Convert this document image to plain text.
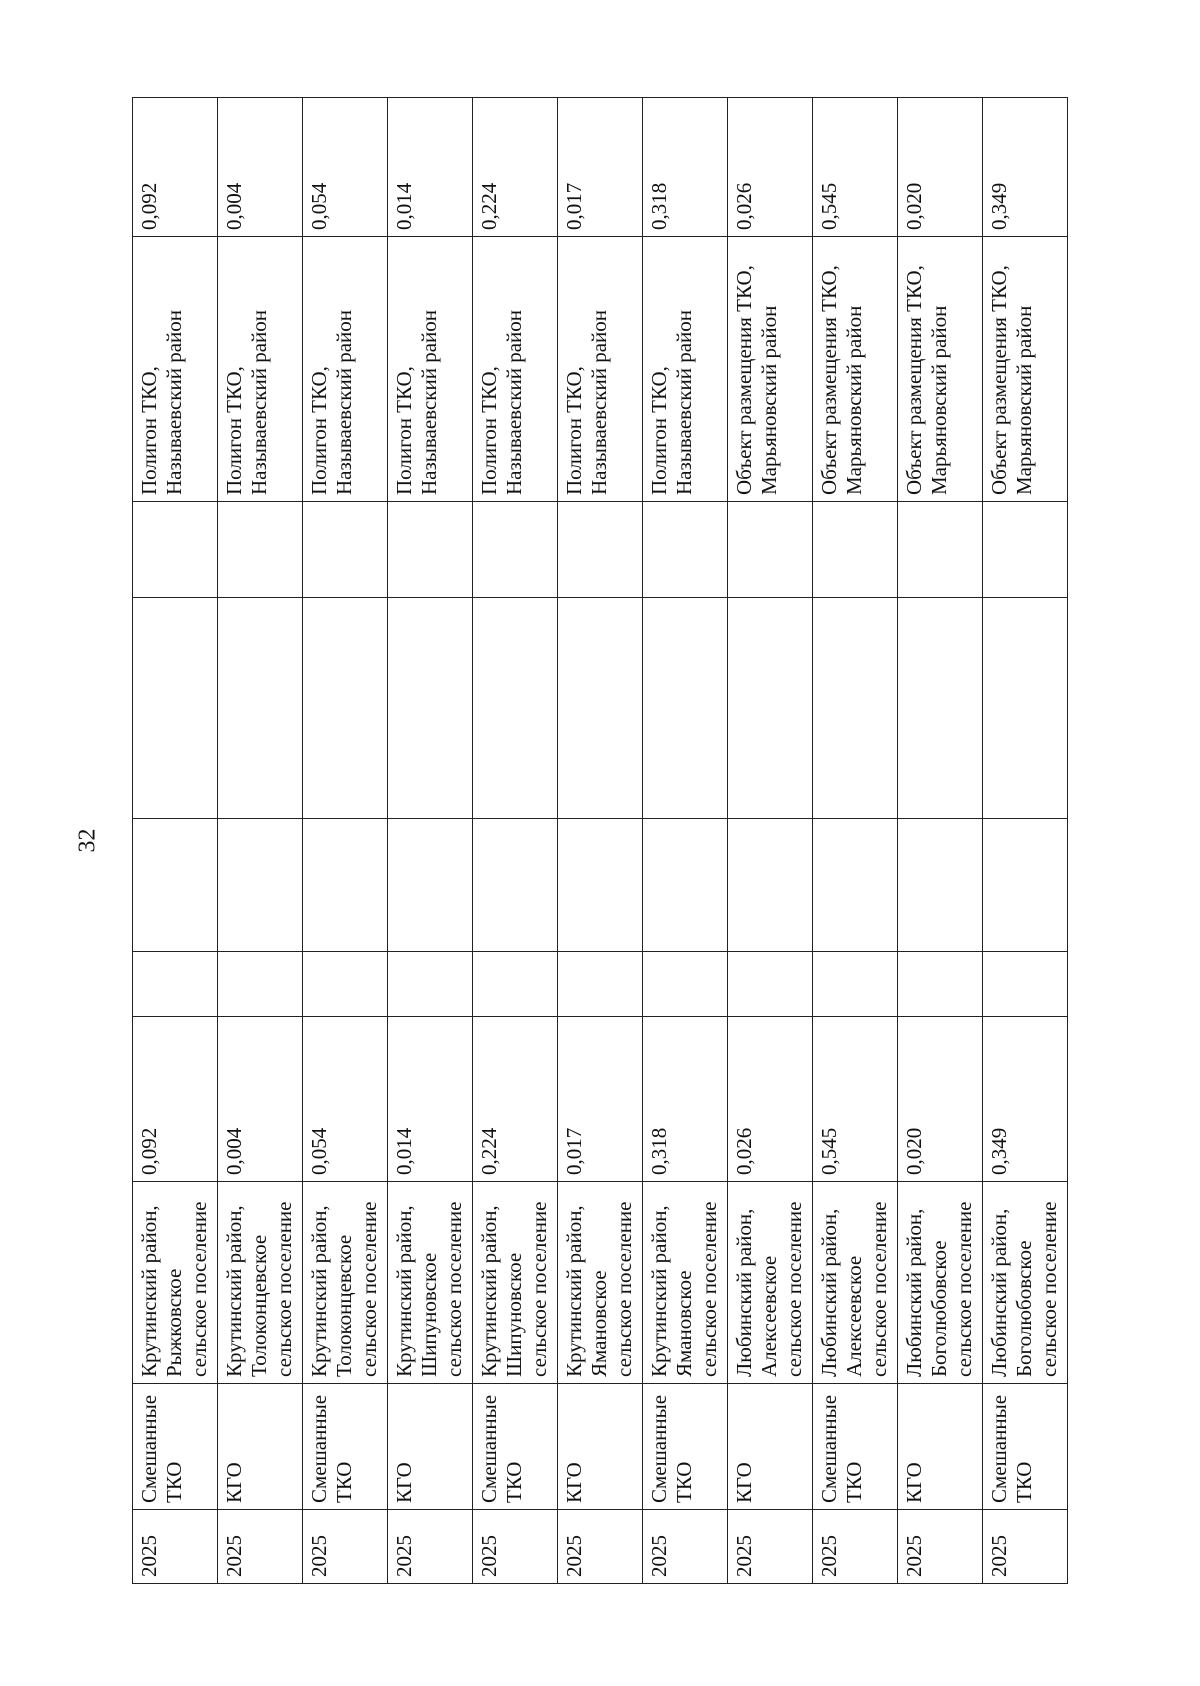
32
2025	Смешанные ТКО	Крутинский район, Рыжковское сельское поселение	0,092					Полигон ТКО, Называевский район	0,092
2025	КГО	Крутинский район, Толоконцевское сельское поселение	0,004					Полигон ТКО, Называевский район	0,004
2025	Смешанные ТКО	Крутинский район, Толоконцевское сельское поселение	0,054					Полигон ТКО, Называевский район	0,054
2025	КГО	Крутинский район, Шипуновское сельское поселение	0,014					Полигон ТКО, Называевский район	0,014
2025	Смешанные ТКО	Крутинский район, Шипуновское сельское поселение	0,224					Полигон ТКО, Называевский район	0,224
2025	КГО	Крутинский район, Ямановское сельское поселение	0,017					Полигон ТКО, Называевский район	0,017
2025	Смешанные ТКО	Крутинский район, Ямановское сельское поселение	0,318					Полигон ТКО, Называевский район	0,318
2025	КГО	Любинский район, Алексеевское сельское поселение	0,026					Объект размещения ТКО, Марьяновский район	0,026
2025	Смешанные ТКО	Любинский район, Алексеевское сельское поселение	0,545					Объект размещения ТКО, Марьяновский район	0,545
2025	КГО	Любинский район, Боголюбовское сельское поселение	0,020					Объект размещения ТКО, Марьяновский район	0,020
2025	Смешанные ТКО	Любинский район, Боголюбовское сельское поселение	0,349					Объект размещения ТКО, Марьяновский район	0,349
